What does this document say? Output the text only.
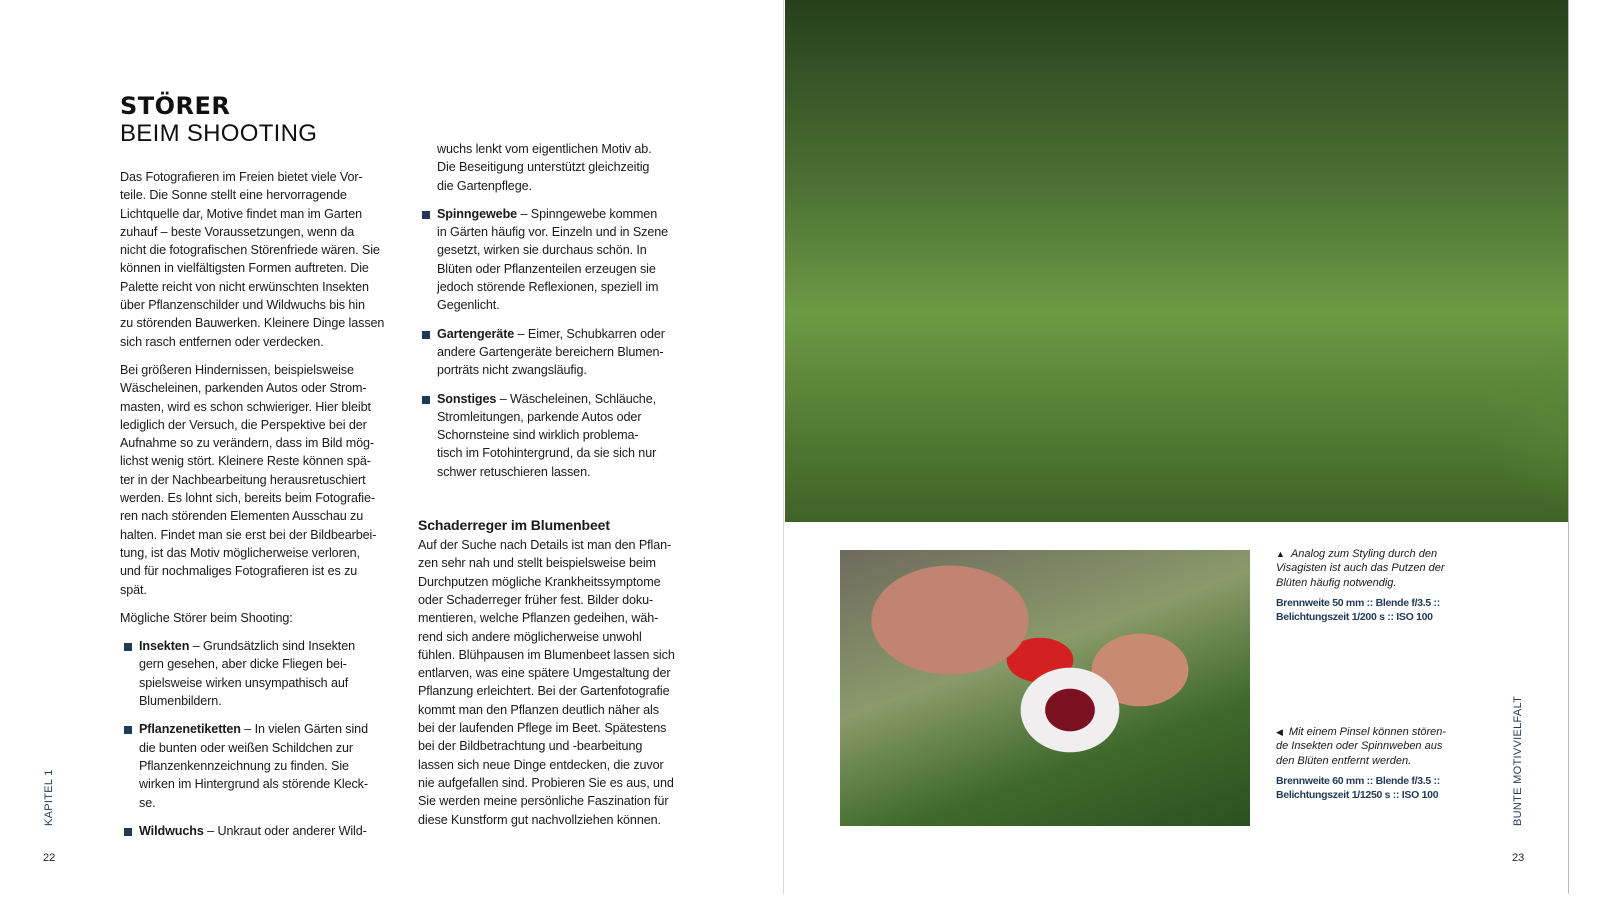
STÖRER
BEIM SHOOTING
Das Fotografieren im Freien bietet viele Vor-
teile. Die Sonne stellt eine hervorragende
Lichtquelle dar, Motive findet man im Garten
zuhauf – beste Voraussetzungen, wenn da
nicht die fotografischen Störenfriede wären. Sie
können in vielfältigsten Formen auftreten. Die
Palette reicht von nicht erwünschten Insekten
über Pflanzenschilder und Wildwuchs bis hin
zu störenden Bauwerken. Kleinere Dinge lassen
sich rasch entfernen oder verdecken.
Bei größeren Hindernissen, beispielsweise
Wäscheleinen, parkenden Autos oder Strom-
masten, wird es schon schwieriger. Hier bleibt
lediglich der Versuch, die Perspektive bei der
Aufnahme so zu verändern, dass im Bild mög-
lichst wenig stört. Kleinere Reste können spä-
ter in der Nachbearbeitung herausretuschiert
werden. Es lohnt sich, bereits beim Fotografie-
ren nach störenden Elementen Ausschau zu
halten. Findet man sie erst bei der Bildbearbei-
tung, ist das Motiv möglicherweise verloren,
und für nochmaliges Fotografieren ist es zu
spät.
Mögliche Störer beim Shooting:
Insekten – Grundsätzlich sind Insekten
gern gesehen, aber dicke Fliegen bei-
spielsweise wirken unsympathisch auf
Blumenbildern.
Pflanzenetiketten – In vielen Gärten sind
die bunten oder weißen Schildchen zur
Pflanzenkennzeichnung zu finden. Sie
wirken im Hintergrund als störende Kleck-
se.
Wildwuchs – Unkraut oder anderer Wild-
wuchs lenkt vom eigentlichen Motiv ab.
Die Beseitigung unterstützt gleichzeitig
die Gartenpflege.
Spinngewebe – Spinngewebe kommen
in Gärten häufig vor. Einzeln und in Szene
gesetzt, wirken sie durchaus schön. In
Blüten oder Pflanzenteilen erzeugen sie
jedoch störende Reflexionen, speziell im
Gegenlicht.
Gartengeräte – Eimer, Schubkarren oder
andere Gartengeräte bereichern Blumen-
porträts nicht zwangsläufig.
Sonstiges – Wäscheleinen, Schläuche,
Stromleitungen, parkende Autos oder
Schornsteine sind wirklich problema-
tisch im Fotohintergrund, da sie sich nur
schwer retuschieren lassen.
Schaderreger im Blumenbeet
Auf der Suche nach Details ist man den Pflan-
zen sehr nah und stellt beispielsweise beim
Durchputzen mögliche Krankheitssymptome
oder Schaderreger früher fest. Bilder doku-
mentieren, welche Pflanzen gedeihen, wäh-
rend sich andere möglicherweise unwohl
fühlen. Blühpausen im Blumenbeet lassen sich
entlarven, was eine spätere Umgestaltung der
Pflanzung erleichtert. Bei der Gartenfotografie
kommt man den Pflanzen deutlich näher als
bei der laufenden Pflege im Beet. Spätestens
bei der Bildbetrachtung und -bearbeitung
lassen sich neue Dinge entdecken, die zuvor
nie aufgefallen sind. Probieren Sie es aus, und
Sie werden meine persönliche Faszination für
diese Kunstform gut nachvollziehen können.
KAPITEL 1
22
▲ Analog zum Styling durch den
Visagisten ist auch das Putzen der
Blüten häufig notwendig.
Brennweite 50 mm :: Blende f/3.5 ::
Belichtungszeit 1/200 s :: ISO 100
◀ Mit einem Pinsel können stören-
de Insekten oder Spinnweben aus
den Blüten entfernt werden.
Brennweite 60 mm :: Blende f/3.5 ::
Belichtungszeit 1/1250 s :: ISO 100	BUNTE MOTIVVIELFALT
23
